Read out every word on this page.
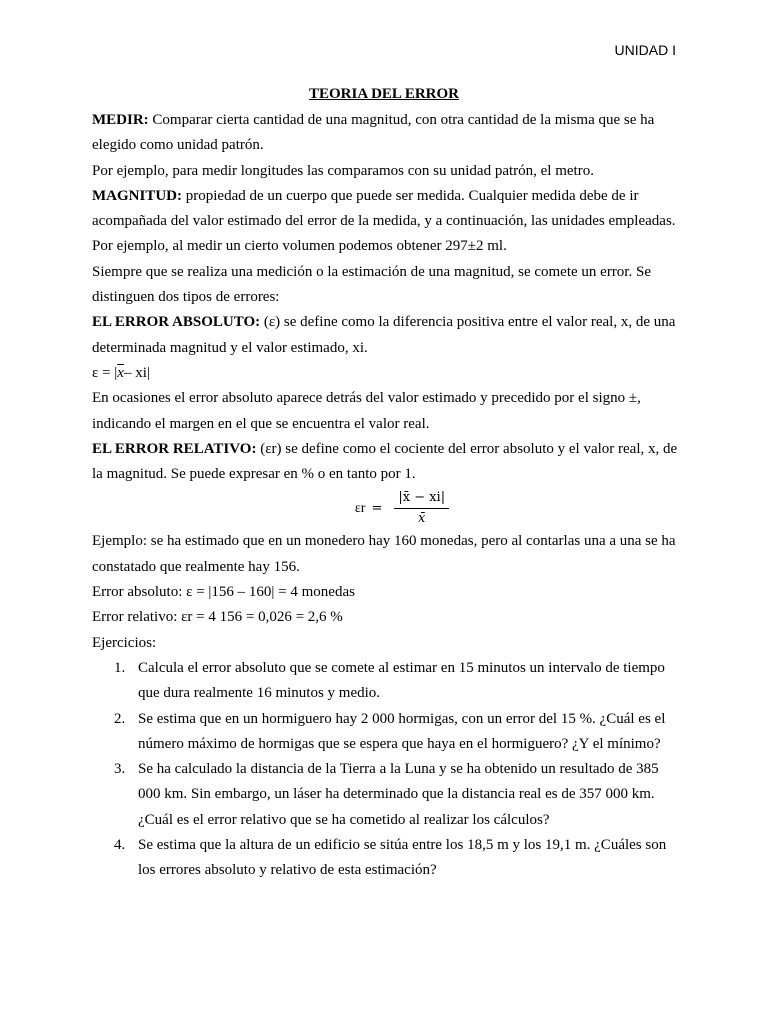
UNIDAD I
TEORIA DEL ERROR

MEDIR: Comparar cierta cantidad de una magnitud, con otra cantidad de la misma que se ha elegido como unidad patrón.

Por ejemplo, para medir longitudes las comparamos con su unidad patrón, el metro.

MAGNITUD: propiedad de un cuerpo que puede ser medida. Cualquier medida debe de ir acompañada del valor estimado del error de la medida, y a continuación, las unidades empleadas.

Por ejemplo, al medir un cierto volumen podemos obtener 297±2 ml.

Siempre que se realiza una medición o la estimación de una magnitud, se comete un error. Se distinguen dos tipos de errores:

EL ERROR ABSOLUTO: (ε) se define como la diferencia positiva entre el valor real, x, de una determinada magnitud y el valor estimado, xi.

$\varepsilon = |\overline{x}-$ xi|

En ocasiones el error absoluto aparece detrás del valor estimado y precedido por el signo ±, indicando el margen en el que se encuentra el valor real.

EL ERROR RELATIVO: (εr) se define como el cociente del error absoluto y el valor real, x, de la magnitud. Se puede expresar en % o en tanto por 1.

$\varepsilon r = \frac{|x̄ - xi|}{x̄}$

Ejemplo: se ha estimado que en un monedero hay 160 monedas, pero al contarlas una a una se ha constatado que realmente hay 156.

Error absoluto: ε = |156 – 160| = 4 monedas

Error relativo: εr = 4 156 = 0,026 = 2,6 %

Ejercicios:

1. Calcula el error absoluto que se comete al estimar en 15 minutos un intervalo de tiempo que dura realmente 16 minutos y medio.
2. Se estima que en un hormiguero hay 2 000 hormigas, con un error del 15 %. ¿Cuál es el número máximo de hormigas que se espera que haya en el hormiguero? ¿Y el mínimo?
3. Se ha calculado la distancia de la Tierra a la Luna y se ha obtenido un resultado de 385 000 km. Sin embargo, un láser ha determinado que la distancia real es de 357 000 km. ¿Cuál es el error relativo que se ha cometido al realizar los cálculos?
4. Se estima que la altura de un edificio se sitúa entre los 18,5 m y los 19,1 m. ¿Cuáles son los errores absoluto y relativo de esta estimación?
